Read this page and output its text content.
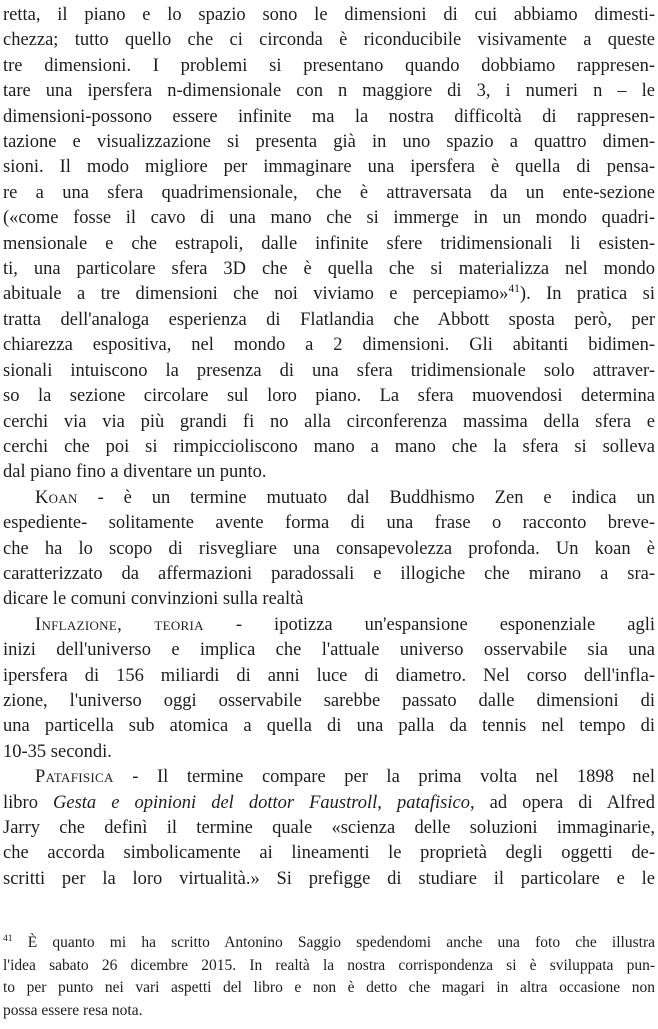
retta, il piano e lo spazio sono le dimensioni di cui abbiamo dimesti-
chezza; tutto quello che ci circonda è riconducibile visivamente a queste
tre dimensioni. I problemi si presentano quando dobbiamo rappresen-
tare una ipersfera n-dimensionale con n maggiore di 3, i numeri n – le
dimensioni-possono essere infinite ma la nostra difficoltà di rappresen-
tazione e visualizzazione si presenta già in uno spazio a quattro dimen-
sioni. Il modo migliore per immaginare una ipersfera è quella di pensa-
re a una sfera quadrimensionale, che è attraversata da un ente-sezione
(«come fosse il cavo di una mano che si immerge in un mondo quadri-
mensionale e che estrapoli, dalle infinite sfere tridimensionali li esisten-
ti, una particolare sfera 3D che è quella che si materializza nel mondo
abituale a tre dimensioni che noi viviamo e percepiamo»$^{41}$). In pratica si
tratta dell'analoga esperienza di Flatlandia che Abbott sposta però, per
chiarezza espositiva, nel mondo a 2 dimensioni. Gli abitanti bidimen-
sionali intuiscono la presenza di una sfera tridimensionale solo attraver-
so la sezione circolare sul loro piano. La sfera muovendosi determina
cerchi via via più grandi fi no alla circonferenza massima della sfera e
cerchi che poi si rimpiccioliscono mano a mano che la sfera si solleva
dal piano fino a diventare un punto.
Koan - è un termine mutuato dal Buddhismo Zen e indica un
espediente- solitamente avente forma di una frase o racconto breve-
che ha lo scopo di risvegliare una consapevolezza profonda. Un koan è
caratterizzato da affermazioni paradossali e illogiche che mirano a sra-
dicare le comuni convinzioni sulla realtà
Inflazione, teoria - ipotizza un'espansione esponenziale agli
inizi dell'universo e implica che l'attuale universo osservabile sia una
ipersfera di 156 miliardi di anni luce di diametro. Nel corso dell'infla-
zione, l'universo oggi osservabile sarebbe passato dalle dimensioni di
una particella sub atomica a quella di una palla da tennis nel tempo di
10-35 secondi.
Patafisica - Il termine compare per la prima volta nel 1898 nel
libro Gesta e opinioni del dottor Faustroll, patafisico, ad opera di Alfred
Jarry che definì il termine quale «scienza delle soluzioni immaginarie,
che accorda simbolicamente ai lineamenti le proprietà degli oggetti de-
scritti per la loro virtualità.» Si prefigge di studiare il particolare e le
$^{41}$ È quanto mi ha scritto Antonino Saggio spedendomi anche una foto che illustra
l'idea sabato 26 dicembre 2015. In realtà la nostra corrispondenza si è sviluppata pun-
to per punto nei vari aspetti del libro e non è detto che magari in altra occasione non
possa essere resa nota.
